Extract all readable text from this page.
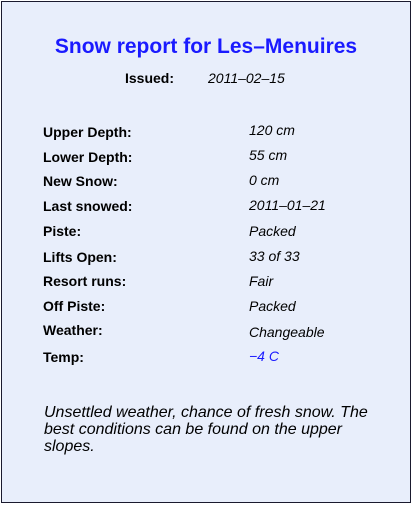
Snow report for Les–Menuires
Issued: 2011–02–15
Upper Depth:	120 cm
Lower Depth:	55 cm
New Snow:	0 cm
Last snowed:	2011–01–21
Piste:	Packed
Lifts Open:	33 of 33
Resort runs:	Fair
Off Piste:	Packed
Weather:	Changeable
Temp:	−4 C
Unsettled weather, chance of fresh snow. The best conditions can be found on the upper slopes.
